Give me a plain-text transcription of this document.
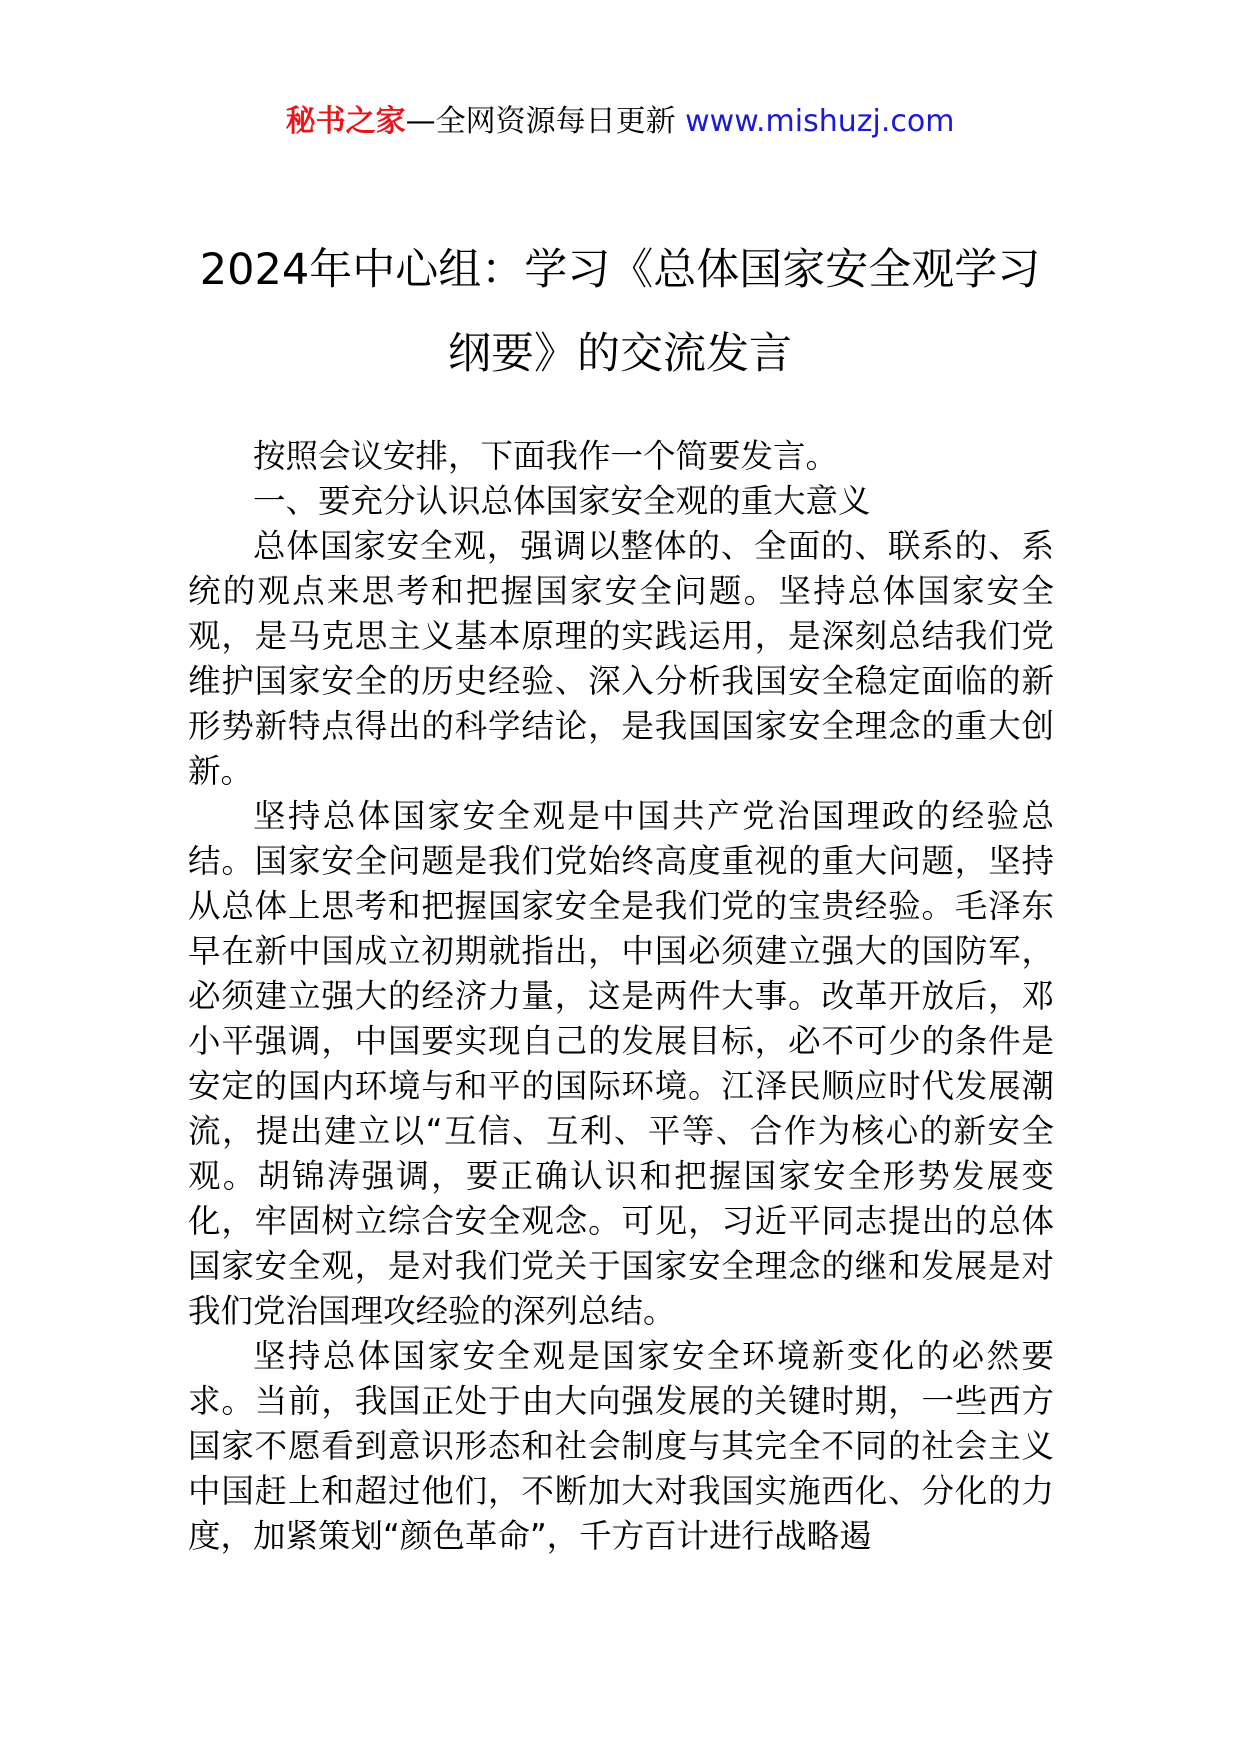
秘书之家—全网资源每日更新 www.mishuzj.com
2024年中心组：学习《总体国家安全观学习纲要》的交流发言

按照会议安排，下面我作一个简要发言。

一、要充分认识总体国家安全观的重大意义

总体国家安全观，强调以整体的、全面的、联系的、系统的观点来思考和把握国家安全问题。坚持总体国家安全观，是马克思主义基本原理的实践运用，是深刻总结我们党维护国家安全的历史经验、深入分析我国安全稳定面临的新形势新特点得出的科学结论，是我国国家安全理念的重大创新。

坚持总体国家安全观是中国共产党治国理政的经验总结。国家安全问题是我们党始终高度重视的重大问题，坚持从总体上思考和把握国家安全是我们党的宝贵经验。毛泽东早在新中国成立初期就指出，中国必须建立强大的国防军，必须建立强大的经济力量，这是两件大事。改革开放后，邓小平强调，中国要实现自己的发展目标，必不可少的条件是安定的国内环境与和平的国际环境。江泽民顺应时代发展潮流，提出建立以“互信、互利、平等、合作为核心的新安全观。胡锦涛强调，要正确认识和把握国家安全形势发展变化，牢固树立综合安全观念。可见，习近平同志提出的总体国家安全观，是对我们党关于国家安全理念的继和发展是对我们党治国理攻经验的深列总结。

坚持总体国家安全观是国家安全环境新变化的必然要求。当前，我国正处于由大向强发展的关键时期，一些西方国家不愿看到意识形态和社会制度与其完全不同的社会主义中国赶上和超过他们，不断加大对我国实施西化、分化的力度，加紧策划“颜色革命”，千方百计进行战略遏
